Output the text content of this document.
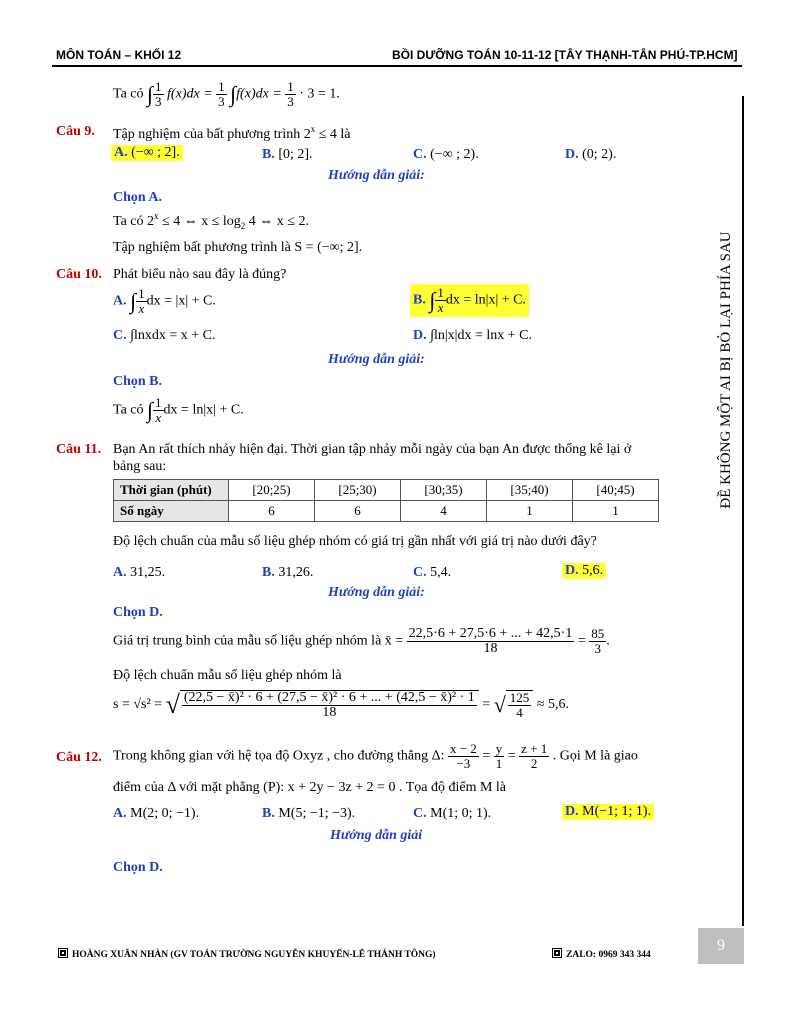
MÔN TOÁN – KHỐI 12	BỒI DƯỠNG TOÁN 10-11-12 [TÂY THẠNH-TÂN PHÚ-TP.HCM]
Ta có ∫ $\frac{1}{3} f(x)dx = \frac{1}{3} \int f(x)dx = \frac{1}{3} \cdot 3 = 1$.
Câu 9. Tập nghiệm của bất phương trình $2^x \le 4$ là
A. (−∞ ; 2].	B. [0; 2].	C. (−∞ ; 2).	D. (0; 2).
Hướng dẫn giải:
Chọn A.
Ta có $2^x \le 4$ ⇔ $x \le \log_2 4$ ⇔ x ≤ 2.
Tập nghiệm bất phương trình là S = (−∞; 2].
Câu 10. Phát biểu nào sau đây là đúng?
A. ∫ $\frac{1}{x}$ dx = |x| + C.	B. ∫ $\frac{1}{x}$ dx = ln|x| + C.
C. ∫lnxdx = x + C.	D. ∫ln|x|dx = lnx + C.
Hướng dẫn giải:
Chọn B.
Ta có ∫ $\frac{1}{x}$ dx = ln|x| + C.
Câu 11. Bạn An rất thích nhảy hiện đại. Thời gian tập nhảy mỗi ngày của bạn An được thống kê lại ở
bảng sau:
Thời gian (phút)	[20;25)	[25;30)	[30;35)	[35;40)	[40;45)
Số ngày	6	6	4	1	1
Độ lệch chuẩn của mẫu số liệu ghép nhóm có giá trị gần nhất với giá trị nào dưới đây?
A. 31,25.	B. 31,26.	C. 5,4.	D. 5,6.
Hướng dẫn giải:
Chọn D.
Giá trị trung bình của mẫu số liệu ghép nhóm là x̄ = $\frac{22,5\cdot 6 + 27,5\cdot 6 + ... + 42,5\cdot 1}{18} = \frac{85}{3}$ .
Độ lệch chuẩn mẫu số liệu ghép nhóm là
s = √s² = √ $\frac{\text{(22,5 − x̄)² · 6 + (27,5 − x̄)² · 6 + ... + (42,5 − x̄)² · 1}}{18}$ = √ $\frac{125}{4} \approx 5,6$.
Câu 12. Trong không gian với hệ tọa độ Oxyz , cho đường thẳng Δ: $\frac{x - 2}{-3} = \frac{y}{1} = \frac{z + 1}{2}$ . Gọi M là giao
điểm của Δ với mặt phẳng (P): x + 2y − 3z + 2 = 0 . Tọa độ điểm M là
A. M(2; 0; −1).	B. M(5; −1; −3).	C. M(1; 0; 1).	D. M(−1; 1; 1).
Hướng dẫn giải
Chọn D.
ĐỀ KHÔNG MỘT AI BỊ BỎ LẠI PHÍA SAU
HOÀNG XUÂN NHÀN (GV TOÁN TRƯỜNG NGUYỄN KHUYẾN-LÊ THÁNH TÔNG)	ZALO: 0969 343 344
9
